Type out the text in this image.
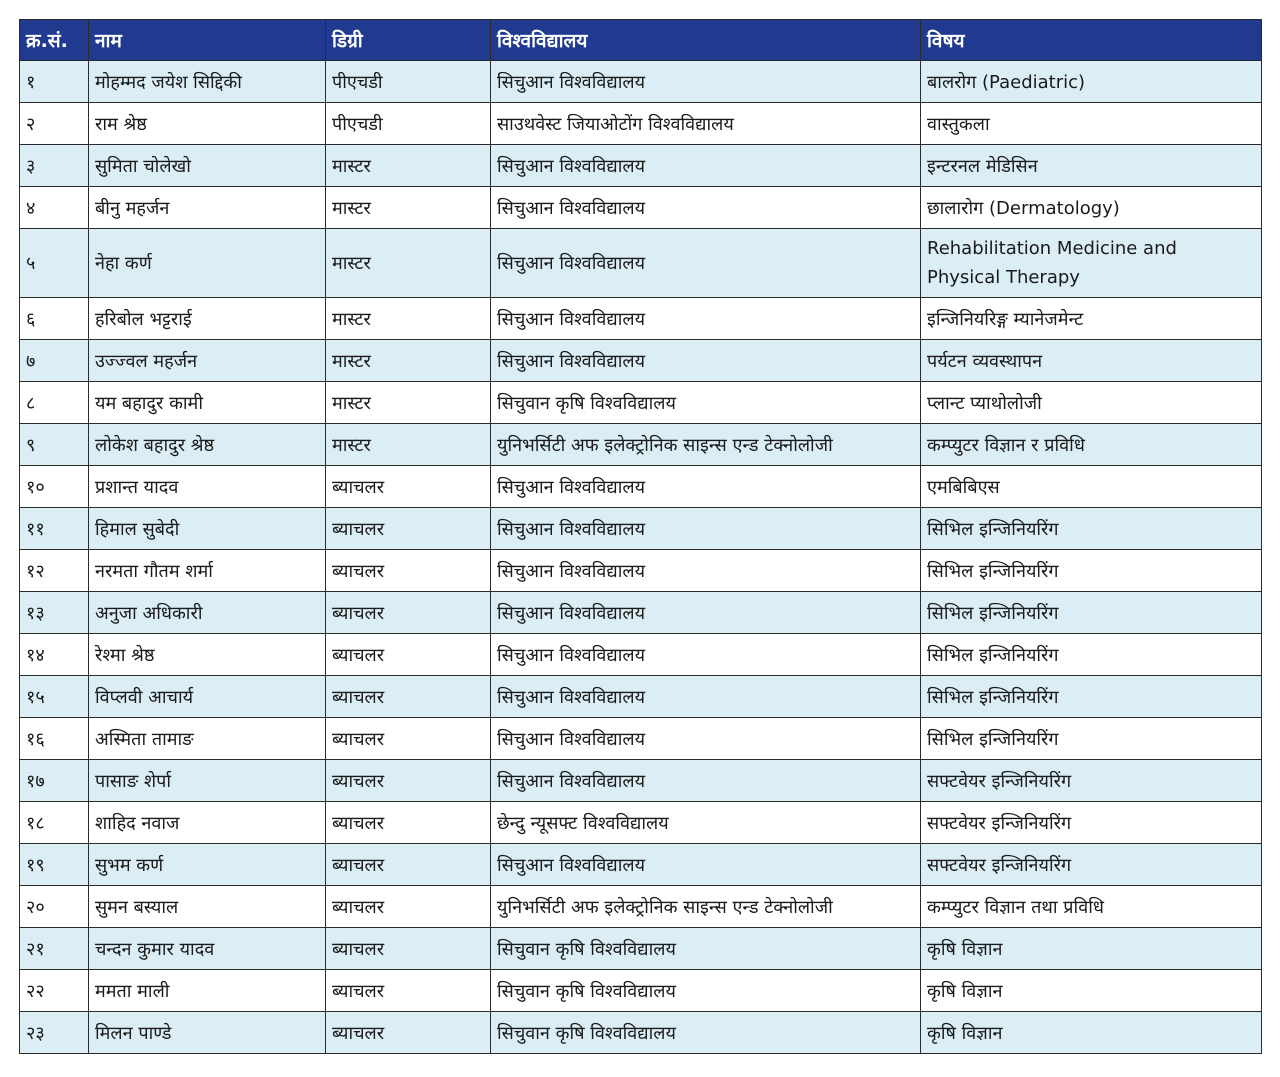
क्र.सं.	नाम	डिग्री	विश्वविद्यालय	विषय
१	मोहम्मद जयेश सिद्दिकी	पीएचडी	सिचुआन विश्वविद्यालय	बालरोग (Paediatric)
२	राम श्रेष्ठ	पीएचडी	साउथवेस्ट जियाओटोंग विश्वविद्यालय	वास्तुकला
३	सुमिता चोलेखो	मास्टर	सिचुआन विश्वविद्यालय	इन्टरनल मेडिसिन
४	बीनु महर्जन	मास्टर	सिचुआन विश्वविद्यालय	छालारोग (Dermatology)
५	नेहा कर्ण	मास्टर	सिचुआन विश्वविद्यालय	Rehabilitation Medicine and Physical Therapy
६	हरिबोल भट्टराई	मास्टर	सिचुआन विश्वविद्यालय	इन्जिनियरिङ्ग म्यानेजमेन्ट
७	उज्ज्वल महर्जन	मास्टर	सिचुआन विश्वविद्यालय	पर्यटन व्यवस्थापन
८	यम बहादुर कामी	मास्टर	सिचुवान कृषि विश्वविद्यालय	प्लान्ट प्याथोलोजी
९	लोकेश बहादुर श्रेष्ठ	मास्टर	युनिभर्सिटी अफ इलेक्ट्रोनिक साइन्स एन्ड टेक्नोलोजी	कम्प्युटर विज्ञान र प्रविधि
१०	प्रशान्त यादव	ब्याचलर	सिचुआन विश्वविद्यालय	एमबिबिएस
११	हिमाल सुबेदी	ब्याचलर	सिचुआन विश्वविद्यालय	सिभिल इन्जिनियरिंग
१२	नरमता गौतम शर्मा	ब्याचलर	सिचुआन विश्वविद्यालय	सिभिल इन्जिनियरिंग
१३	अनुजा अधिकारी	ब्याचलर	सिचुआन विश्वविद्यालय	सिभिल इन्जिनियरिंग
१४	रेश्मा श्रेष्ठ	ब्याचलर	सिचुआन विश्वविद्यालय	सिभिल इन्जिनियरिंग
१५	विप्लवी आचार्य	ब्याचलर	सिचुआन विश्वविद्यालय	सिभिल इन्जिनियरिंग
१६	अस्मिता तामाङ	ब्याचलर	सिचुआन विश्वविद्यालय	सिभिल इन्जिनियरिंग
१७	पासाङ शेर्पा	ब्याचलर	सिचुआन विश्वविद्यालय	सफ्टवेयर इन्जिनियरिंग
१८	शाहिद नवाज	ब्याचलर	छेन्दु न्यूसफ्ट विश्वविद्यालय	सफ्टवेयर इन्जिनियरिंग
१९	सुभम कर्ण	ब्याचलर	सिचुआन विश्वविद्यालय	सफ्टवेयर इन्जिनियरिंग
२०	सुमन बस्याल	ब्याचलर	युनिभर्सिटी अफ इलेक्ट्रोनिक साइन्स एन्ड टेक्नोलोजी	कम्प्युटर विज्ञान तथा प्रविधि
२१	चन्दन कुमार यादव	ब्याचलर	सिचुवान कृषि विश्वविद्यालय	कृषि विज्ञान
२२	ममता माली	ब्याचलर	सिचुवान कृषि विश्वविद्यालय	कृषि विज्ञान
२३	मिलन पाण्डे	ब्याचलर	सिचुवान कृषि विश्वविद्यालय	कृषि विज्ञान
